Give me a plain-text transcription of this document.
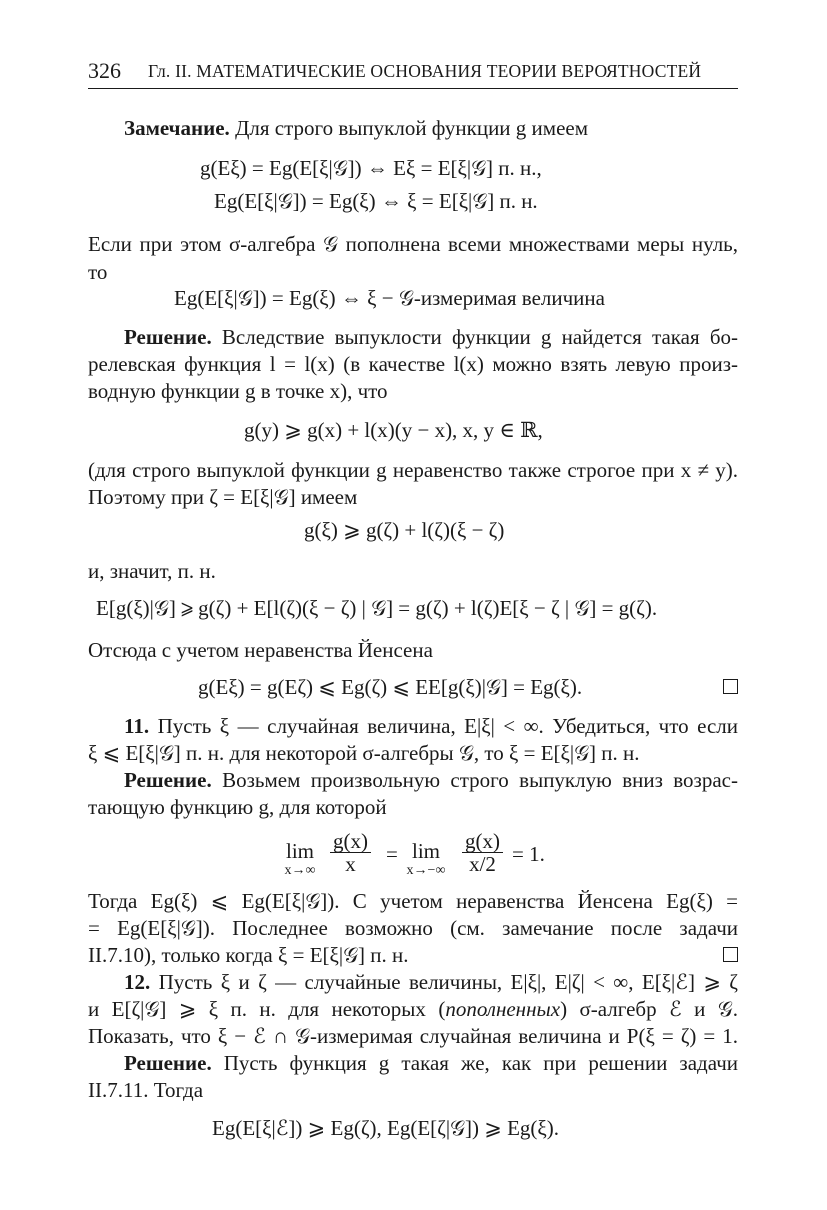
326 Гл. II. МАТЕМАТИЧЕСКИЕ ОСНОВАНИЯ ТЕОРИИ ВЕРОЯТНОСТЕЙ
Замечание. Для строго выпуклой функции g имеем
g(Eξ) = Eg(E[ξ|𝒢]) ⇔ Eξ = E[ξ|𝒢] п. н.,
Eg(E[ξ|𝒢]) = Eg(ξ) ⇔ ξ = E[ξ|𝒢] п. н.
Если при этом σ-алгебра 𝒢 пополнена всеми множествами меры нуль,
то
Eg(E[ξ|𝒢]) = Eg(ξ) ⇔ ξ − 𝒢-измеримая величина
Решение. Вследствие выпуклости функции g найдется такая бо-
релевская функция l = l(x) (в качестве l(x) можно взять левую произ-
водную функции g в точке x), что
g(y) ⩾ g(x) + l(x)(y − x), x, y ∈ ℝ,
(для строго выпуклой функции g неравенство также строгое при x ≠ y).
Поэтому при ζ = E[ξ|𝒢] имеем
g(ξ) ⩾ g(ζ) + l(ζ)(ξ − ζ)
и, значит, п. н.
E[g(ξ)|𝒢] ⩾ g(ζ) + E[l(ζ)(ξ − ζ) | 𝒢] = g(ζ) + l(ζ)E[ξ − ζ | 𝒢] = g(ζ).
Отсюда с учетом неравенства Йенсена
g(Eξ) = g(Eζ) ⩽ Eg(ζ) ⩽ EE[g(ξ)|𝒢] = Eg(ξ).
11. Пусть ξ — случайная величина, E|ξ| < ∞. Убедиться, что если
ξ ⩽ E[ξ|𝒢] п. н. для некоторой σ-алгебры 𝒢, то ξ = E[ξ|𝒢] п. н.
Решение. Возьмем произвольную строго выпуклую вниз возрас-
тающую функцию g, для которой
lim
$x\to\infty \frac{g(x)}{x} = \lim$
$x\to-\infty \frac{g(x)}{x/2} = 1$.
Тогда Eg(ξ) ⩽ Eg(E[ξ|𝒢]). С учетом неравенства Йенсена Eg(ξ) =
= Eg(E[ξ|𝒢]). Последнее возможно (см. замечание после задачи
II.7.10), только когда ξ = E[ξ|𝒢] п. н.
12. Пусть ξ и ζ — случайные величины, E|ξ|, E|ζ| < ∞, E[ξ|ℰ] ⩾ ζ
и E[ζ|𝒢] ⩾ ξ п. н. для некоторых (пополненных) σ-алгебр ℰ и 𝒢.
Показать, что ξ − ℰ ∩ 𝒢-измеримая случайная величина и P(ξ = ζ) = 1.
Решение. Пусть функция g такая же, как при решении задачи
II.7.11. Тогда
Eg(E[ξ|ℰ]) ⩾ Eg(ζ), Eg(E[ζ|𝒢]) ⩾ Eg(ξ).
